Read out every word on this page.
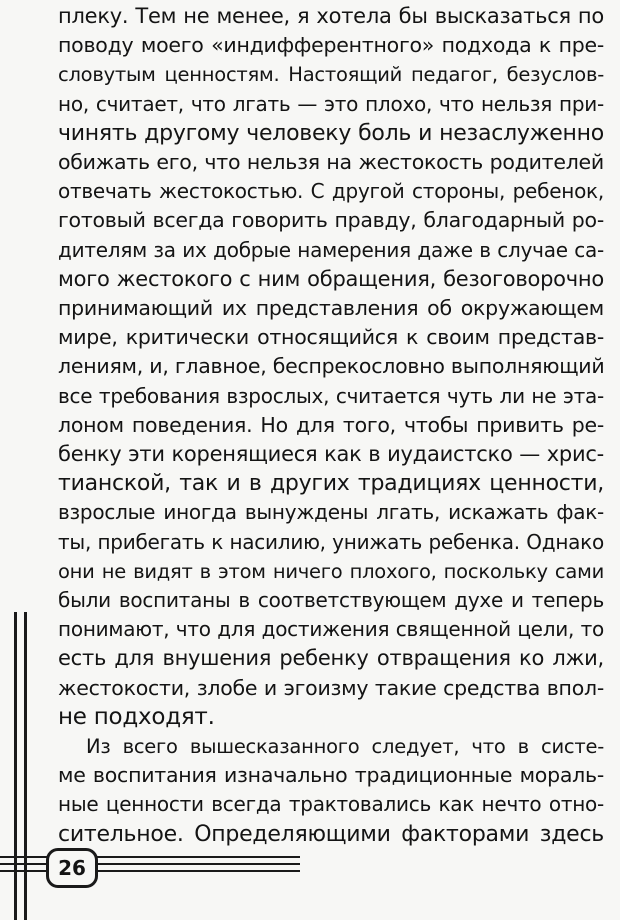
плеку. Тем не менее, я хотела бы высказаться по
поводу моего «индифферентного» подхода к пре-
словутым ценностям. Настоящий педагог, безуслов-
но, считает, что лгать — это плохо, что нельзя при-
чинять другому человеку боль и незаслуженно
обижать его, что нельзя на жестокость родителей
отвечать жестокостью. С другой стороны, ребенок,
готовый всегда говорить правду, благодарный ро-
дителям за их добрые намерения даже в случае са-
мого жестокого с ним обращения, безоговорочно
принимающий их представления об окружающем
мире, критически относящийся к своим представ-
лениям, и, главное, беспрекословно выполняющий
все требования взрослых, считается чуть ли не эта-
лоном поведения. Но для того, чтобы привить ре-
бенку эти коренящиеся как в иудаистско — хрис-
тианской, так и в других традициях ценности,
взрослые иногда вынуждены лгать, искажать фак-
ты, прибегать к насилию, унижать ребенка. Однако
они не видят в этом ничего плохого, поскольку сами
были воспитаны в соответствующем духе и теперь
понимают, что для достижения священной цели, то
есть для внушения ребенку отвращения ко лжи,
жестокости, злобе и эгоизму такие средства впол-
не подходят.

Из всего вышесказанного следует, что в систе-
ме воспитания изначально традиционные мораль-
ные ценности всегда трактовались как нечто отно-
сительное. Определяющими факторами здесь

26
